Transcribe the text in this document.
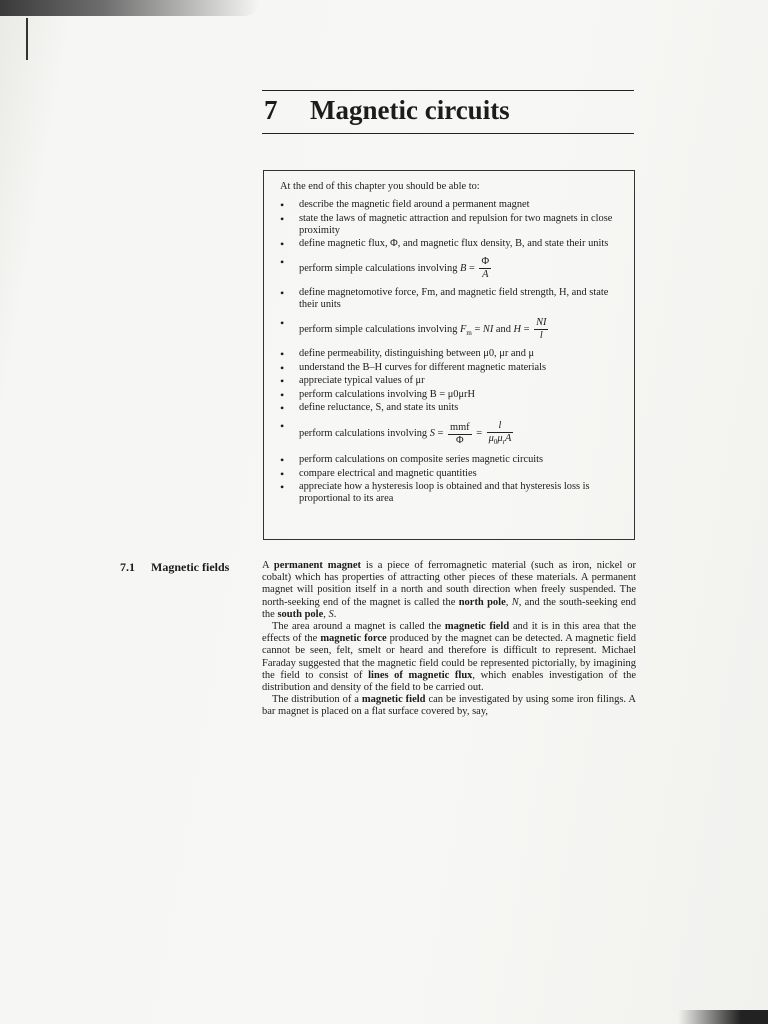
7 Magnetic circuits
At the end of this chapter you should be able to:
• describe the magnetic field around a permanent magnet
• state the laws of magnetic attraction and repulsion for two magnets in close proximity
• define magnetic flux, Φ, and magnetic flux density, B, and state their units
• perform simple calculations involving $B = \frac{\Phi}{A}$
• define magnetomotive force, Fm, and magnetic field strength, H, and state their units
• perform simple calculations involving $F_m$ = NI and $H = \frac{NI}{l}$
• define permeability, distinguishing between μ0, μr and μ
• understand the B–H curves for different magnetic materials
• appreciate typical values of μr
• perform calculations involving B = μ0μrH
• define reluctance, S, and state its units
• perform calculations involving $S = \frac{\text{mmf}}{\Phi} = \frac{l}{\mu_0\mu_rA}$
• perform calculations on composite series magnetic circuits
• compare electrical and magnetic quantities
• appreciate how a hysteresis loop is obtained and that hysteresis loss is proportional to its area
7.1 Magnetic fields	A permanent magnet is a piece of ferromagnetic material (such as iron, nickel or cobalt) which has properties of attracting other pieces of these materials. A permanent magnet will position itself in a north and south direction when freely suspended. The north-seeking end of the magnet is called the north pole, N, and the south-seeking end the south pole, S.

The area around a magnet is called the magnetic field and it is in this area that the effects of the magnetic force produced by the magnet can be detected. A magnetic field cannot be seen, felt, smelt or heard and therefore is difficult to represent. Michael Faraday suggested that the magnetic field could be represented pictorially, by imagining the field to consist of lines of magnetic flux, which enables investigation of the distribution and density of the field to be carried out.

The distribution of a magnetic field can be investigated by using some iron filings. A bar magnet is placed on a flat surface covered by, say,
